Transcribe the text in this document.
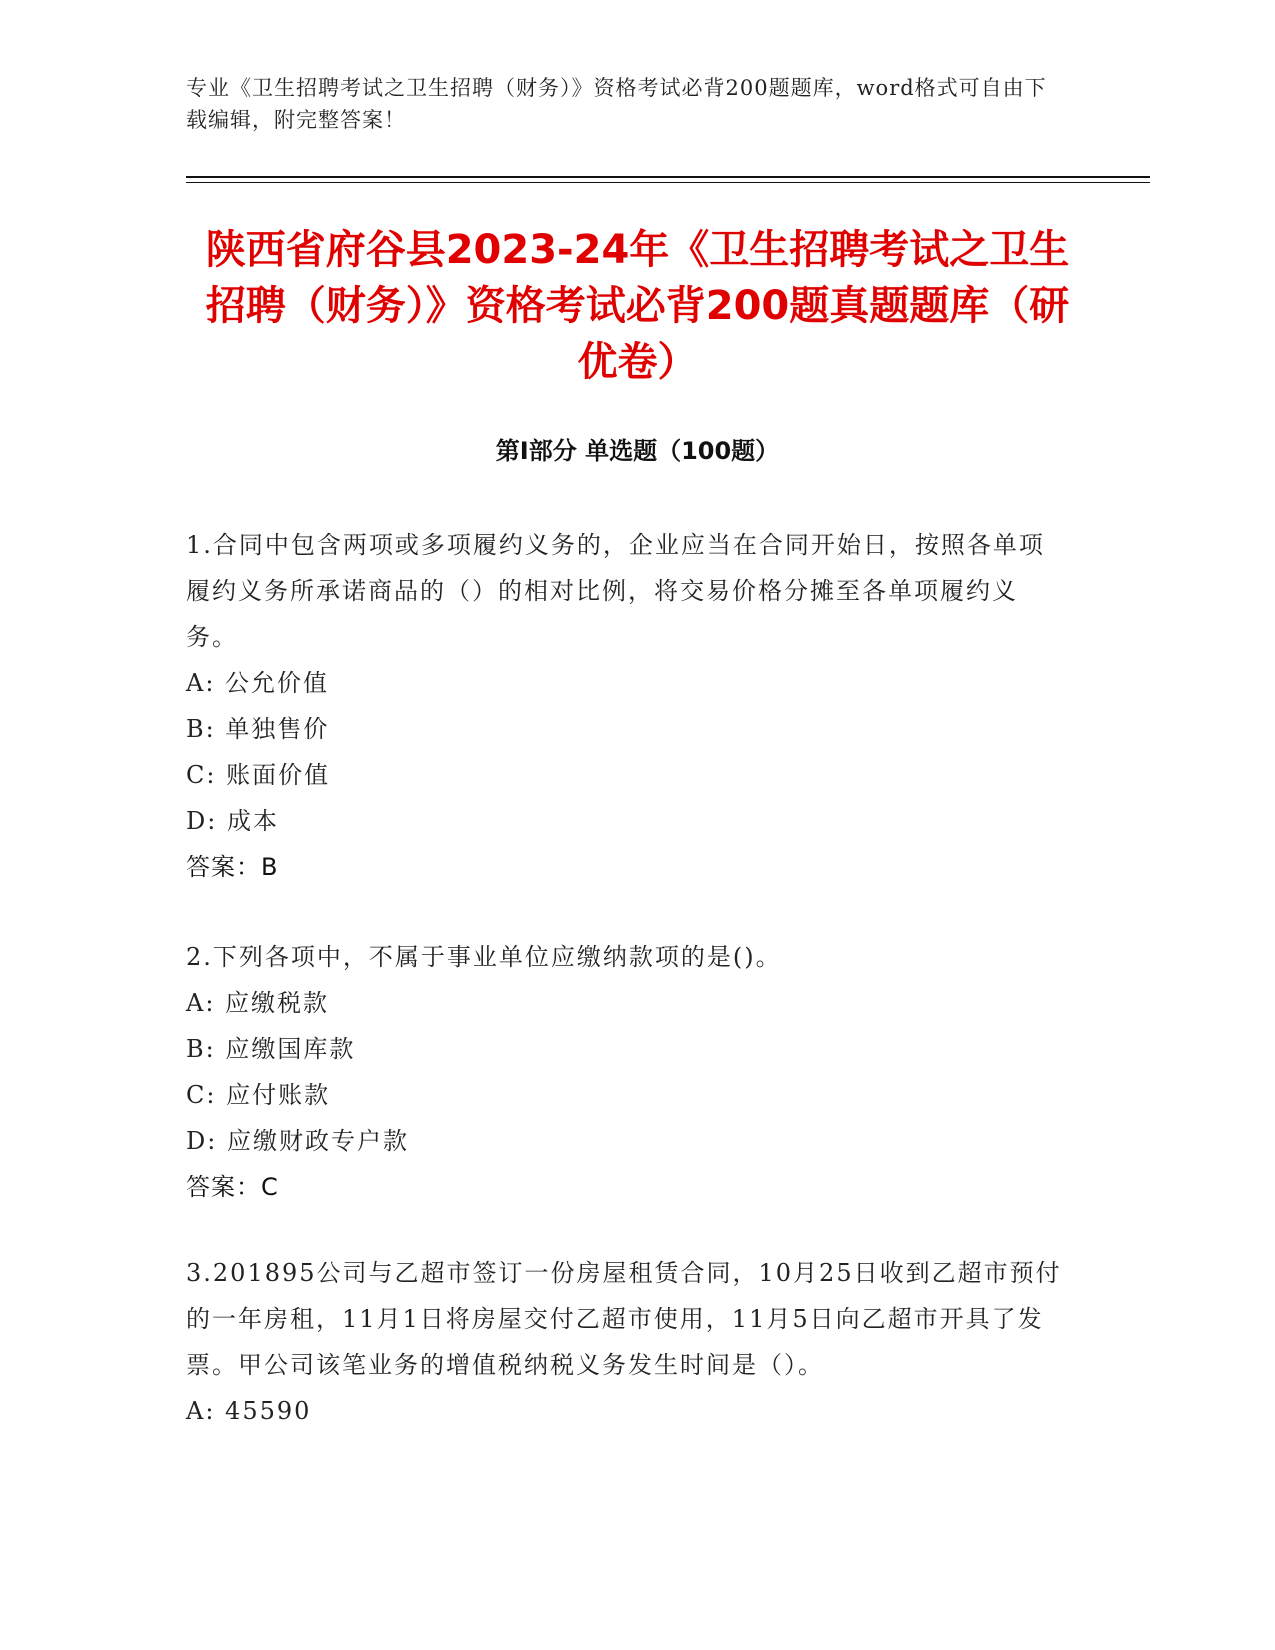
专业《卫生招聘考试之卫生招聘（财务）》资格考试必背200题题库，word格式可自由下载编辑，附完整答案！
陕西省府谷县2023-24年《卫生招聘考试之卫生招聘（财务）》资格考试必背200题真题题库（研优卷）
第I部分 单选题（100题）

1.合同中包含两项或多项履约义务的，企业应当在合同开始日，按照各单项履约义务所承诺商品的（）的相对比例，将交易价格分摊至各单项履约义务。

A: 公允价值

B: 单独售价

C: 账面价值

D: 成本

答案：B

2.下列各项中，不属于事业单位应缴纳款项的是()。

A: 应缴税款

B: 应缴国库款

C: 应付账款

D: 应缴财政专户款

答案：C

3.201895公司与乙超市签订一份房屋租赁合同，10月25日收到乙超市预付的一年房租，11月1日将房屋交付乙超市使用，11月5日向乙超市开具了发票。甲公司该笔业务的增值税纳税义务发生时间是（）。

A: 45590
